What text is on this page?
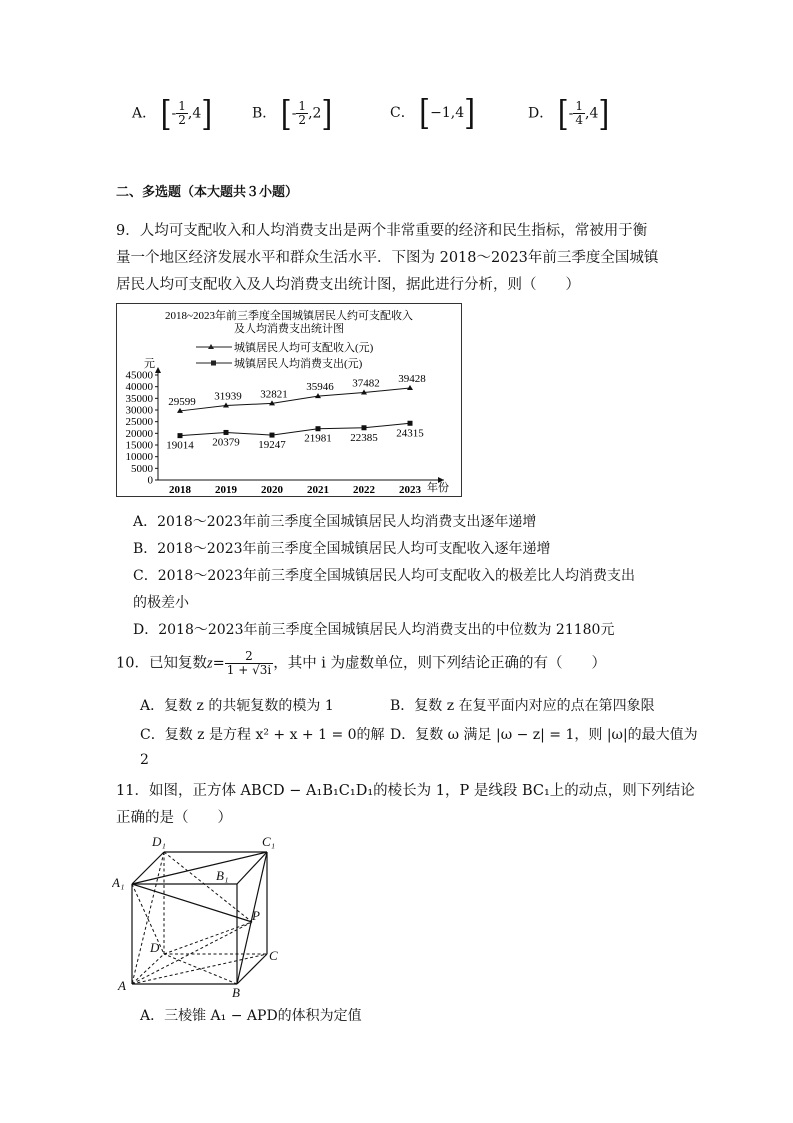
A． [- $\frac{1}{2} ,4$]	B． [- $\frac{1}{2} ,2$]	C． [−1,4]	D． [- $\frac{1}{4} ,4$]
二、多选题（本大题共３小题）
9．人均可支配收入和人均消费支出是两个非常重要的经济和民生指标，常被用于衡
量一个地区经济发展水平和群众生活水平．下图为 2018～2023年前三季度全国城镇
居民人均可支配收入及人均消费支出统计图，据此进行分析，则（　　）
2018~2023年前三季度全国城镇居民人约可支配收入
及人均消费支出统计图
城镇居民人均可支配收入(元)
城镇居民人均消费支出(元)
元
年份
45000
40000
35000
30000
25000
20000
15000
10000
5000
0
2018 2019 2020 2021 2022 2023
29599 31939 32821
35946 37482 39428
19014 20379 19247
21981 22385 24315
A．2018～2023年前三季度全国城镇居民人均消费支出逐年递增
B．2018～2023年前三季度全国城镇居民人均可支配收入逐年递增
C．2018～2023年前三季度全国城镇居民人均可支配收入的极差比人均消费支出
的极差小
D．2018～2023年前三季度全国城镇居民人均消费支出的中位数为 21180元
10．已知复数$z= \frac{2}{1 + √3i}$ ，其中 i 为虚数单位，则下列结论正确的有（　　）
A．复数 z 的共轭复数的模为 1	B．复数 z 在复平面内对应的点在第四象限
C．复数 z 是方程 x² + x + 1 = 0的解 D．复数 ω 满足 |ω − z| = 1，则 |ω|的最大值为
2
11．如图，正方体 ABCD − A₁B₁C₁D₁的棱长为 1，P 是线段 BC₁上的动点，则下列结论
正确的是（　　）
D₁	C₁
A₁	B₁
P
D
C
A	B
A．三棱锥 A₁ − APD的体积为定值
